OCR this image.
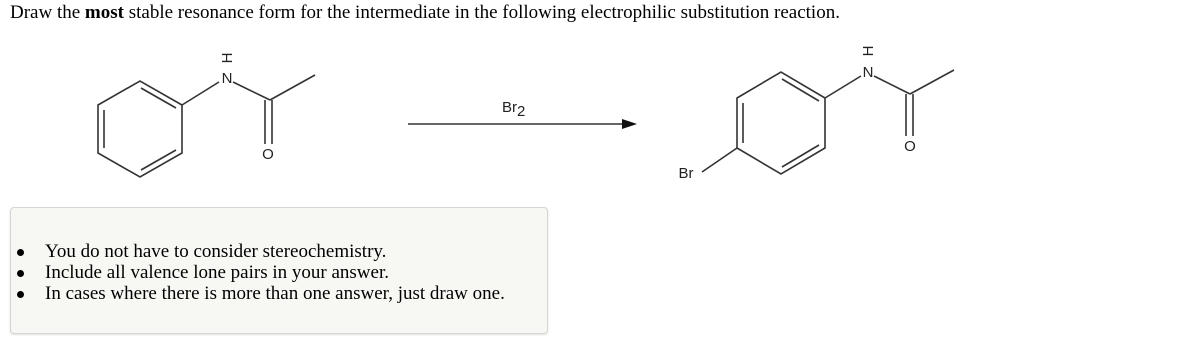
Draw the most stable resonance form for the intermediate in the following electrophilic substitution reaction.
H
N
O
Br2
H
N
O
Br
You do not have to consider stereochemistry.
Include all valence lone pairs in your answer.
In cases where there is more than one answer, just draw one.
